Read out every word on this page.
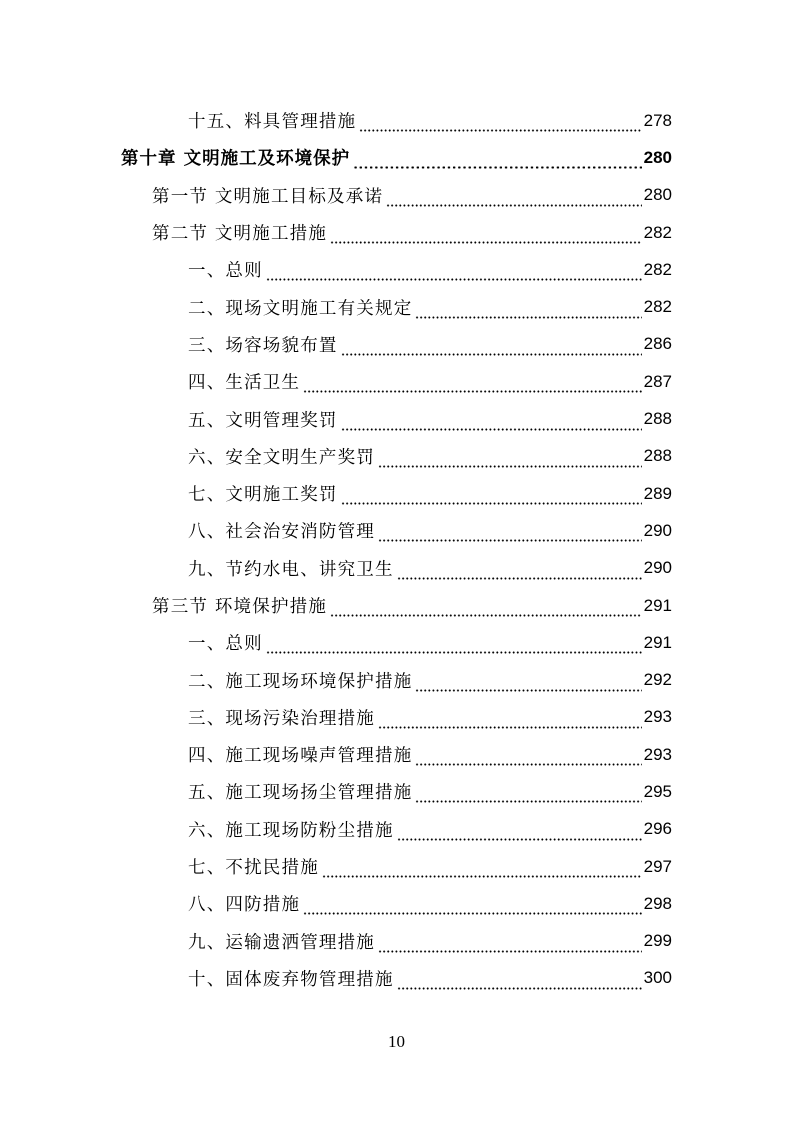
十五、料具管理措施	278
第十章 文明施工及环境保护	280
第一节 文明施工目标及承诺	280
第二节 文明施工措施	282
一、总则	282
二、现场文明施工有关规定	282
三、场容场貌布置	286
四、生活卫生	287
五、文明管理奖罚	288
六、安全文明生产奖罚	288
七、文明施工奖罚	289
八、社会治安消防管理	290
九、节约水电、讲究卫生	290
第三节 环境保护措施	291
一、总则	291
二、施工现场环境保护措施	292
三、现场污染治理措施	293
四、施工现场噪声管理措施	293
五、施工现场扬尘管理措施	295
六、施工现场防粉尘措施	296
七、不扰民措施	297
八、四防措施	298
九、运输遗洒管理措施	299
十、固体废弃物管理措施	300
10
